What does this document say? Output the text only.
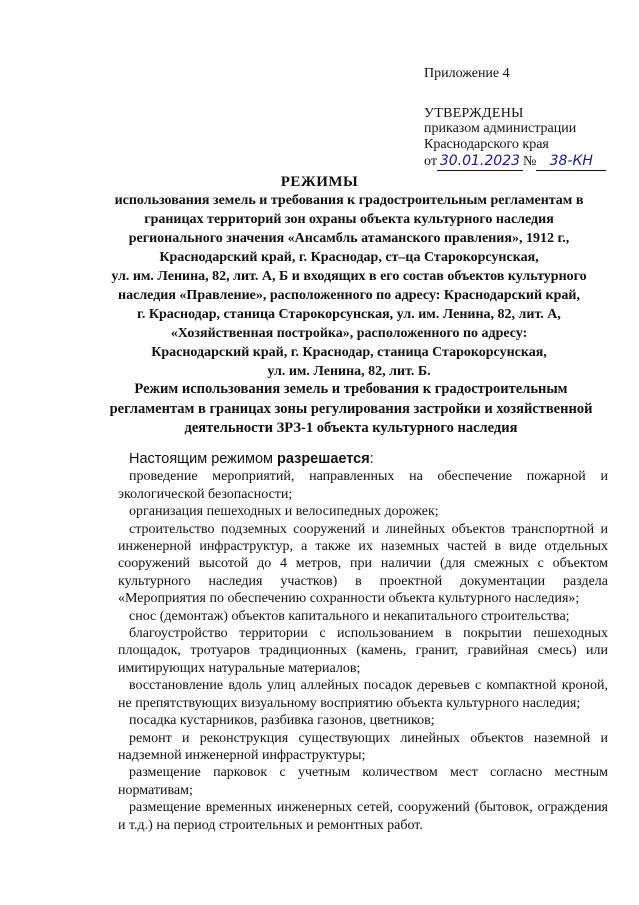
Приложение 4
УТВЕРЖДЕНЫ
приказом администрации
Краснодарского края
от 30.01.2023 № 38-КН
РЕЖИМЫ
использования земель и требования к градостроительным регламентам в
границах территорий зон охраны объекта культурного наследия
регионального значения «Ансамбль атаманского правления», 1912 г.,
Краснодарский край, г. Краснодар, ст–ца Старокорсунская,
ул. им. Ленина, 82, лит. А, Б и входящих в его состав объектов культурного
наследия «Правление», расположенного по адресу: Краснодарский край,
г. Краснодар, станица Старокорсунская, ул. им. Ленина, 82, лит. А,
«Хозяйственная постройка», расположенного по адресу:
Краснодарский край, г. Краснодар, станица Старокорсунская,
ул. им. Ленина, 82, лит. Б.
Режим использования земель и требования к градостроительным
регламентам в границах зоны регулирования застройки и хозяйственной
деятельности ЗРЗ-1 объекта культурного наследия

Настоящим режимом разрешается:

проведение мероприятий, направленных на обеспечение пожарной и экологической безопасности;

организация пешеходных и велосипедных дорожек;

строительство подземных сооружений и линейных объектов транспортной и инженерной инфраструктур, а также их наземных частей в виде отдельных сооружений высотой до 4 метров, при наличии (для смежных с объектом культурного наследия участков) в проектной документации раздела «Мероприятия по обеспечению сохранности объекта культурного наследия»;

снос (демонтаж) объектов капитального и некапитального строительства;

благоустройство территории с использованием в покрытии пешеходных площадок, тротуаров традиционных (камень, гранит, гравийная смесь) или имитирующих натуральные материалов;

восстановление вдоль улиц аллейных посадок деревьев с компактной кроной, не препятствующих визуальному восприятию объекта культурного наследия;

посадка кустарников, разбивка газонов, цветников;

ремонт и реконструкция существующих линейных объектов наземной и надземной инженерной инфраструктуры;

размещение парковок с учетным количеством мест согласно местным нормативам;

размещение временных инженерных сетей, сооружений (бытовок, ограждения и т.д.) на период строительных и ремонтных работ.
